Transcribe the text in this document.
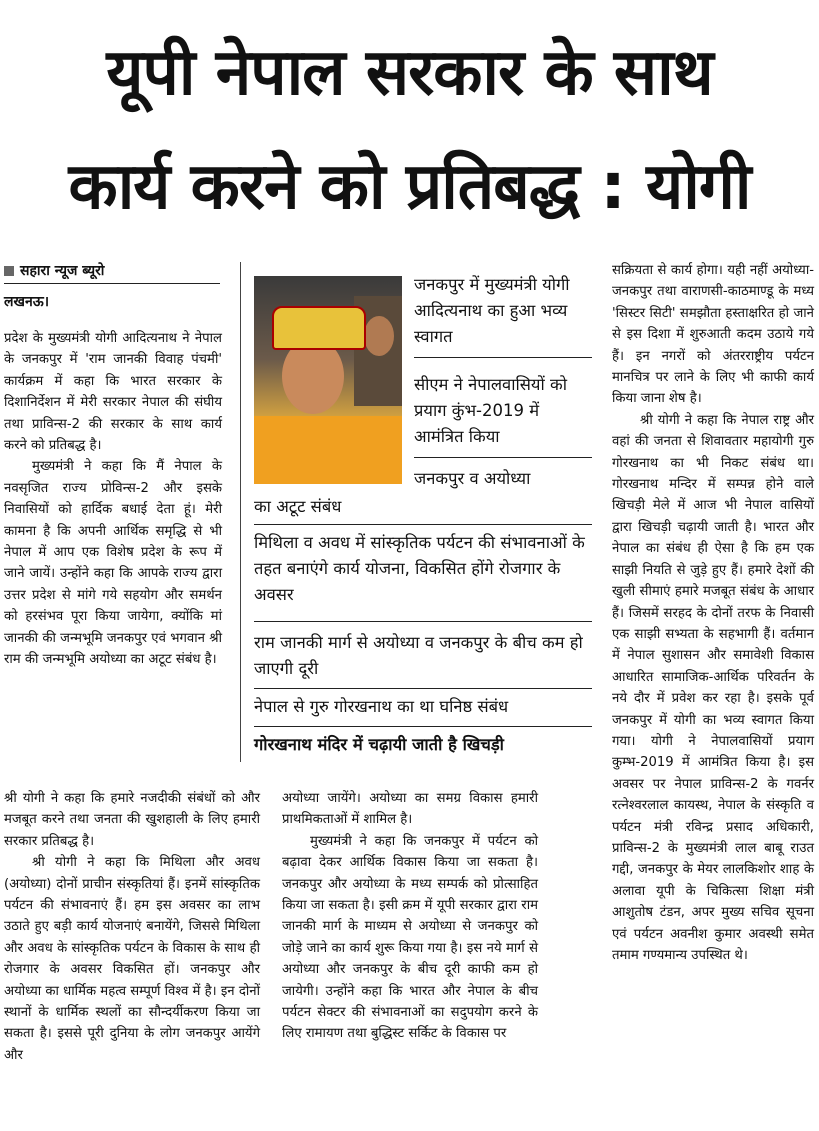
यूपी नेपाल सरकार के साथ
कार्य करने को प्रतिबद्ध : योगी
सहारा न्यूज ब्यूरो
लखनऊ।

प्रदेश के मुख्यमंत्री योगी आदित्यनाथ ने नेपाल के जनकपुर में 'राम जानकी विवाह पंचमी' कार्यक्रम में कहा कि भारत सरकार के दिशानिर्देशन में मेरी सरकार नेपाल की संघीय तथा प्राविन्स-2 की सरकार के साथ कार्य करने को प्रतिबद्ध है।

मुख्यमंत्री ने कहा कि मैं नेपाल के नवसृजित राज्य प्रोविन्स-2 और इसके निवासियों को हार्दिक बधाई देता हूं। मेरी कामना है कि अपनी आर्थिक समृद्धि से भी नेपाल में आप एक विशेष प्रदेश के रूप में जाने जायें। उन्होंने कहा कि आपके राज्य द्वारा उत्तर प्रदेश से मांगे गये सहयोग और समर्थन को हरसंभव पूरा किया जायेगा, क्योंकि मां जानकी की जन्मभूमि जनकपुर एवं भगवान श्री राम की जन्मभूमि अयोध्या का अटूट संबंध है।

जनकपुर में मुख्यमंत्री योगी आदित्यनाथ का हुआ भव्य स्वागत
सीएम ने नेपालवासियों को प्रयाग कुंभ-2019 में आमंत्रित किया
जनकपुर व अयोध्या
का अटूट संबंध
मिथिला व अवध में सांस्कृतिक पर्यटन की संभावनाओं के तहत बनाएंगे कार्य योजना, विकसित होंगे रोजगार के अवसर
राम जानकी मार्ग से अयोध्या व जनकपुर के बीच कम हो जाएगी दूरी
नेपाल से गुरु गोरखनाथ का था घनिष्ठ संबंध
गोरखनाथ मंदिर में चढ़ायी जाती है खिचड़ी

श्री योगी ने कहा कि हमारे नजदीकी संबंधों को और मजबूत करने तथा जनता की खुशहाली के लिए हमारी सरकार प्रतिबद्ध है।

श्री योगी ने कहा कि मिथिला और अवध (अयोध्या) दोनों प्राचीन संस्कृतियां हैं। इनमें सांस्कृतिक पर्यटन की संभावनाएं हैं। हम इस अवसर का लाभ उठाते हुए बड़ी कार्य योजनाएं बनायेंगे, जिससे मिथिला और अवध के सांस्कृतिक पर्यटन के विकास के साथ ही रोजगार के अवसर विकसित हों। जनकपुर और अयोध्या का धार्मिक महत्व सम्पूर्ण विश्व में है। इन दोनों स्थानों के धार्मिक स्थलों का सौन्दर्यीकरण किया जा सकता है। इससे पूरी दुनिया के लोग जनकपुर आयेंगे और

अयोध्या जायेंगे। अयोध्या का समग्र विकास हमारी प्राथमिकताओं में शामिल है।

मुख्यमंत्री ने कहा कि जनकपुर में पर्यटन को बढ़ावा देकर आर्थिक विकास किया जा सकता है। जनकपुर और अयोध्या के मध्य सम्पर्क को प्रोत्साहित किया जा सकता है। इसी क्रम में यूपी सरकार द्वारा राम जानकी मार्ग के माध्यम से अयोध्या से जनकपुर को जोड़े जाने का कार्य शुरू किया गया है। इस नये मार्ग से अयोध्या और जनकपुर के बीच दूरी काफी कम हो जायेगी। उन्होंने कहा कि भारत और नेपाल के बीच पर्यटन सेक्टर की संभावनाओं का सदुपयोग करने के लिए रामायण तथा बुद्धिस्ट सर्किट के विकास पर

सक्रियता से कार्य होगा। यही नहीं अयोध्या-जनकपुर तथा वाराणसी-काठमाण्डू के मध्य 'सिस्टर सिटी' समझौता हस्ताक्षरित हो जाने से इस दिशा में शुरुआती कदम उठाये गये हैं। इन नगरों को अंतरराष्ट्रीय पर्यटन मानचित्र पर लाने के लिए भी काफी कार्य किया जाना शेष है।

श्री योगी ने कहा कि नेपाल राष्ट्र और वहां की जनता से शिवावतार महायोगी गुरु गोरखनाथ का भी निकट संबंध था। गोरखनाथ मन्दिर में सम्पन्न होने वाले खिचड़ी मेले में आज भी नेपाल वासियों द्वारा खिचड़ी चढ़ायी जाती है। भारत और नेपाल का संबंध ही ऐसा है कि हम एक साझी नियति से जुड़े हुए हैं। हमारे देशों की खुली सीमाएं हमारे मजबूत संबंध के आधार हैं। जिसमें सरहद के दोनों तरफ के निवासी एक साझी सभ्यता के सहभागी हैं। वर्तमान में नेपाल सुशासन और समावेशी विकास आधारित सामाजिक-आर्थिक परिवर्तन के नये दौर में प्रवेश कर रहा है। इसके पूर्व जनकपुर में योगी का भव्य स्वागत किया गया। योगी ने नेपालवासियों प्रयाग कुम्भ-2019 में आमंत्रित किया है। इस अवसर पर नेपाल प्राविन्स-2 के गवर्नर रत्नेश्वरलाल कायस्थ, नेपाल के संस्कृति व पर्यटन मंत्री रविन्द्र प्रसाद अधिकारी, प्राविन्स-2 के मुख्यमंत्री लाल बाबू राउत गद्दी, जनकपुर के मेयर लालकिशोर शाह के अलावा यूपी के चिकित्सा शिक्षा मंत्री आशुतोष टंडन, अपर मुख्य सचिव सूचना एवं पर्यटन अवनीश कुमार अवस्थी समेत तमाम गण्यमान्य उपस्थित थे।
